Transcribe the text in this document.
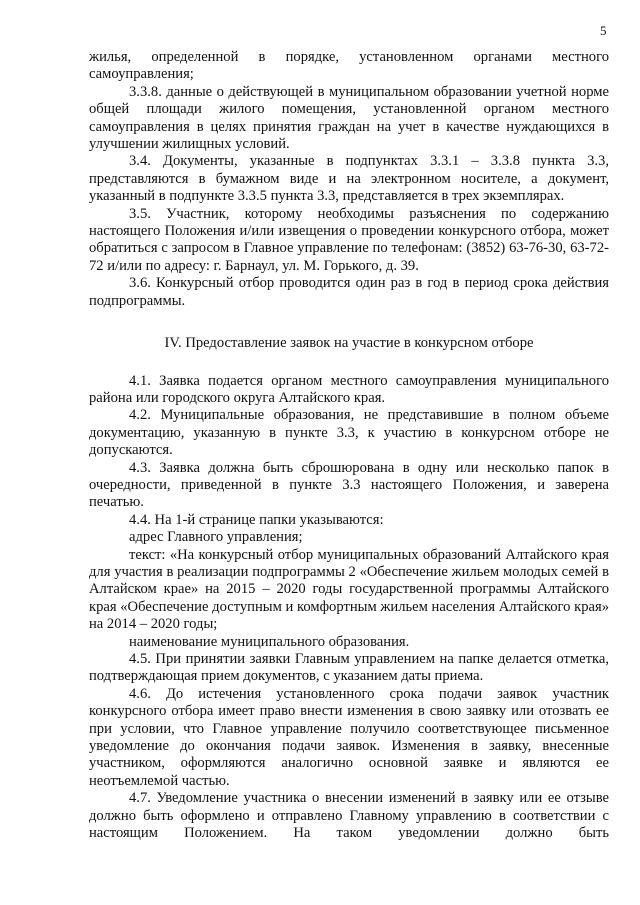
5

жилья, определенной в порядке, установленном органами местного самоуправления;

3.3.8. данные о действующей в муниципальном образовании учетной норме общей площади жилого помещения, установленной органом местного самоуправления в целях принятия граждан на учет в качестве нуждающихся в улучшении жилищных условий.

3.4. Документы, указанные в подпунктах 3.3.1 – 3.3.8 пункта 3.3, представляются в бумажном виде и на электронном носителе, а документ, указанный в подпункте 3.3.5 пункта 3.3, представляется в трех экземплярах.

3.5. Участник, которому необходимы разъяснения по содержанию настоящего Положения и/или извещения о проведении конкурсного отбора, может обратиться с запросом в Главное управление по телефонам: (3852) 63-76-30, 63-72-72 и/или по адресу: г. Барнаул, ул. М. Горького, д. 39.

3.6. Конкурсный отбор проводится один раз в год в период срока действия подпрограммы.

IV. Предоставление заявок на участие в конкурсном отборе

4.1. Заявка подается органом местного самоуправления муниципального района или городского округа Алтайского края.

4.2. Муниципальные образования, не представившие в полном объеме документацию, указанную в пункте 3.3, к участию в конкурсном отборе не допускаются.

4.3. Заявка должна быть сброшюрована в одну или несколько папок в очередности, приведенной в пункте 3.3 настоящего Положения, и заверена печатью.

4.4. На 1-й странице папки указываются:

адрес Главного управления;

текст: «На конкурсный отбор муниципальных образований Алтайского края для участия в реализации подпрограммы 2 «Обеспечение жильем молодых семей в Алтайском крае» на 2015 – 2020 годы государственной программы Алтайского края «Обеспечение доступным и комфортным жильем населения Алтайского края» на 2014 – 2020 годы;

наименование муниципального образования.

4.5. При принятии заявки Главным управлением на папке делается отметка, подтверждающая прием документов, с указанием даты приема.

4.6. До истечения установленного срока подачи заявок участник конкурсного отбора имеет право внести изменения в свою заявку или отозвать ее при условии, что Главное управление получило соответствующее письменное уведомление до окончания подачи заявок. Изменения в заявку, внесенные участником, оформляются аналогично основной заявке и являются ее неотъемлемой частью.

4.7. Уведомление участника о внесении изменений в заявку или ее отзыве должно быть оформлено и отправлено Главному управлению в соответствии с настоящим Положением. На таком уведомлении должно быть
